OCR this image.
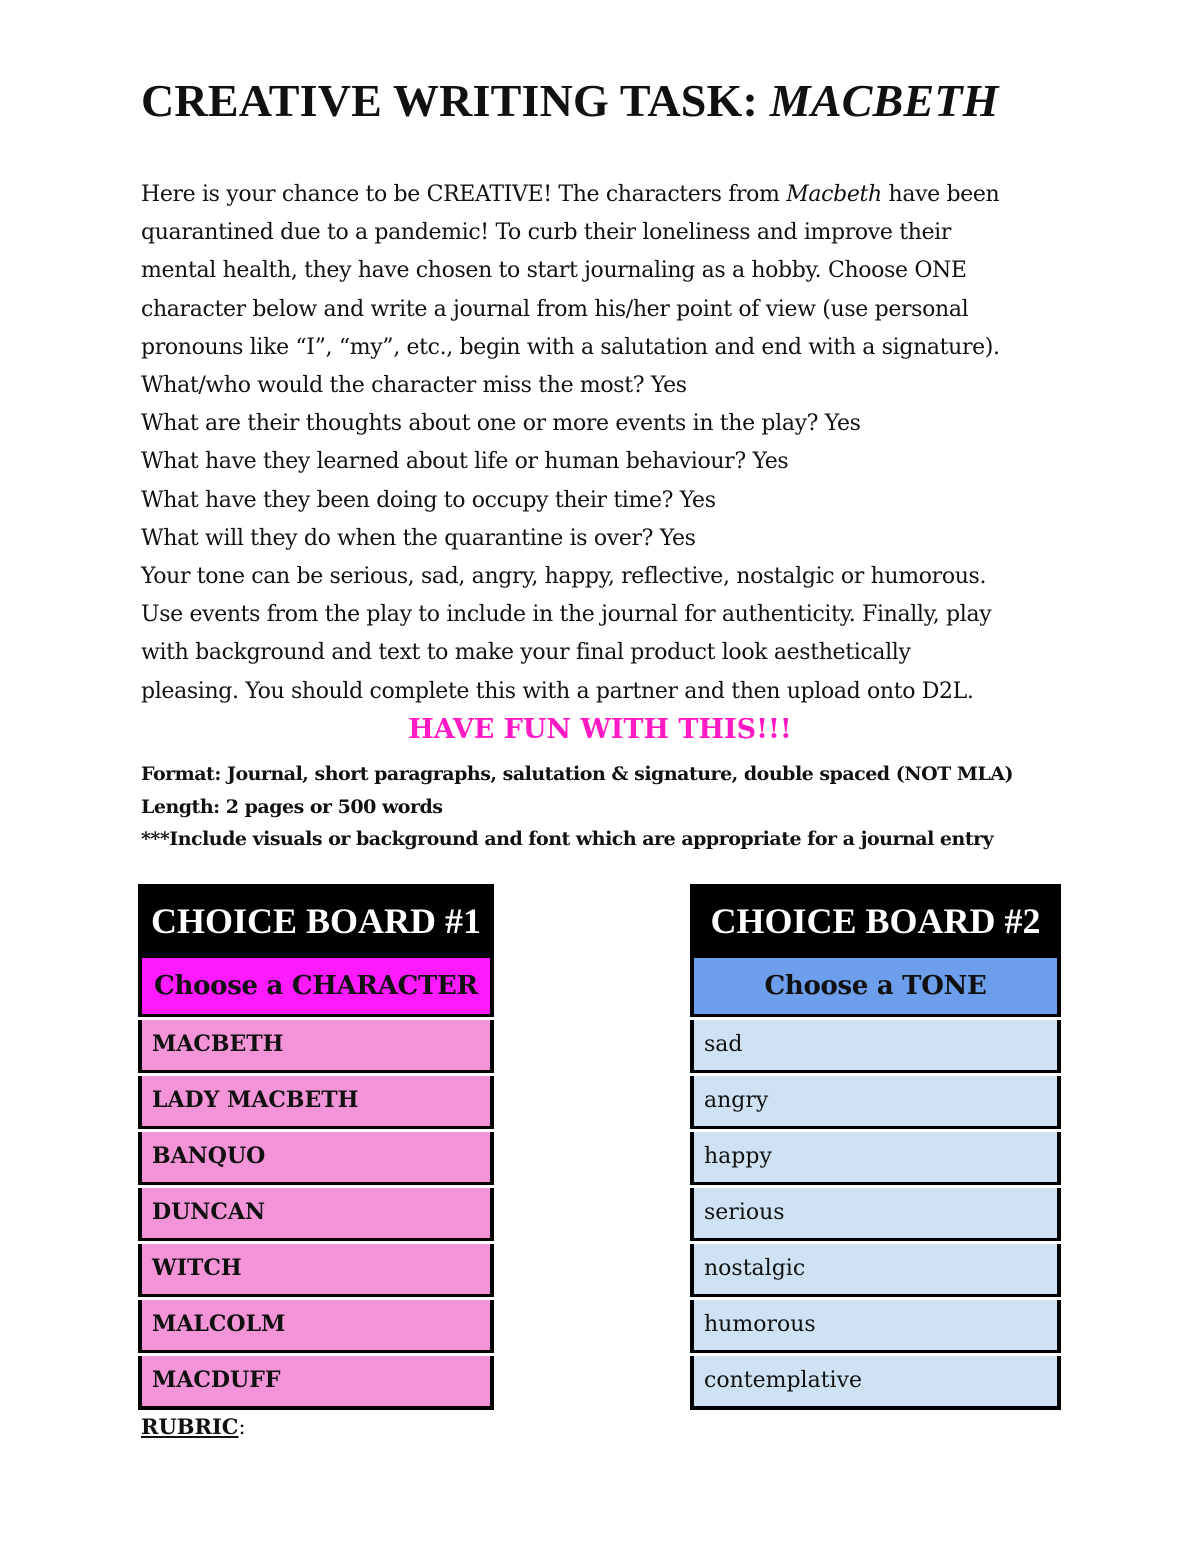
CREATIVE WRITING TASK: MACBETH
Here is your chance to be CREATIVE! The characters from Macbeth have been
quarantined due to a pandemic! To curb their loneliness and improve their
mental health, they have chosen to start journaling as a hobby. Choose ONE
character below and write a journal from his/her point of view (use personal
pronouns like “I”, “my”, etc., begin with a salutation and end with a signature).
What/who would the character miss the most? Yes
What are their thoughts about one or more events in the play? Yes
What have they learned about life or human behaviour? Yes
What have they been doing to occupy their time? Yes
What will they do when the quarantine is over? Yes
Your tone can be serious, sad, angry, happy, reflective, nostalgic or humorous.
Use events from the play to include in the journal for authenticity. Finally, play
with background and text to make your final product look aesthetically
pleasing. You should complete this with a partner and then upload onto D2L.
HAVE FUN WITH THIS!!!
Format: Journal, short paragraphs, salutation & signature, double spaced (NOT MLA)
Length: 2 pages or 500 words
***Include visuals or background and font which are appropriate for a journal entry
CHOICE BOARD #1
Choose a CHARACTER
MACBETH
LADY MACBETH
BANQUO
DUNCAN
WITCH
MALCOLM
MACDUFF
CHOICE BOARD #2
Choose a TONE
sad
angry
happy
serious
nostalgic
humorous
contemplative
RUBRIC:
